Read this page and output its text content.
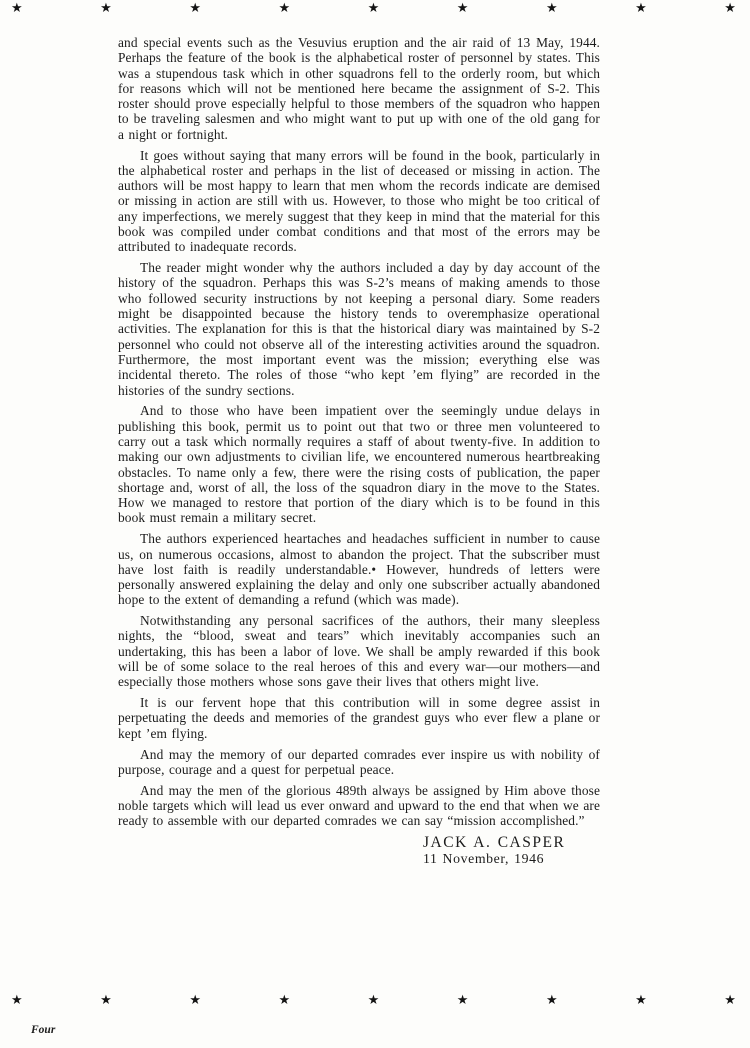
★	★	★	★	★	★	★	★	★

and special events such as the Vesuvius eruption and the air raid of 13 May, 1944. Perhaps the feature of the book is the alphabetical roster of personnel by states. This was a stupendous task which in other squadrons fell to the orderly room, but which for reasons which will not be mentioned here became the assignment of S-2. This roster should prove especially helpful to those members of the squadron who happen to be traveling salesmen and who might want to put up with one of the old gang for a night or fortnight.

It goes without saying that many errors will be found in the book, particularly in the alphabetical roster and perhaps in the list of deceased or missing in action. The authors will be most happy to learn that men whom the records indicate are demised or missing in action are still with us. However, to those who might be too critical of any imperfections, we merely suggest that they keep in mind that the material for this book was compiled under combat conditions and that most of the errors may be attributed to inadequate records.

The reader might wonder why the authors included a day by day account of the history of the squadron. Perhaps this was S-2’s means of making amends to those who followed security instructions by not keeping a personal diary. Some readers might be disappointed because the history tends to overemphasize operational activities. The explanation for this is that the historical diary was maintained by S-2 personnel who could not observe all of the interesting activities around the squadron. Furthermore, the most important event was the mission; everything else was incidental thereto. The roles of those “who kept ’em flying” are recorded in the histories of the sundry sections.

And to those who have been impatient over the seemingly undue delays in publishing this book, permit us to point out that two or three men volunteered to carry out a task which normally requires a staff of about twenty-five. In addition to making our own adjustments to civilian life, we encountered numerous heartbreaking obstacles. To name only a few, there were the rising costs of publication, the paper shortage and, worst of all, the loss of the squadron diary in the move to the States. How we managed to restore that portion of the diary which is to be found in this book must remain a military secret.

The authors experienced heartaches and headaches sufficient in number to cause us, on numerous occasions, almost to abandon the project. That the subscriber must have lost faith is readily understandable.• However, hundreds of letters were personally answered explaining the delay and only one subscriber actually abandoned hope to the extent of demanding a refund (which was made).

Notwithstanding any personal sacrifices of the authors, their many sleepless nights, the “blood, sweat and tears” which inevitably accompanies such an undertaking, this has been a labor of love. We shall be amply rewarded if this book will be of some solace to the real heroes of this and every war—our mothers—and especially those mothers whose sons gave their lives that others might live.

It is our fervent hope that this contribution will in some degree assist in perpetuating the deeds and memories of the grandest guys who ever flew a plane or kept ’em flying.

And may the memory of our departed comrades ever inspire us with nobility of purpose, courage and a quest for perpetual peace.

And may the men of the glorious 489th always be assigned by Him above those noble targets which will lead us ever onward and upward to the end that when we are ready to assemble with our departed comrades we can say “mission accomplished.”

JACK A. CASPER
11 November, 1946
★	★	★	★	★	★	★	★	★
Four
